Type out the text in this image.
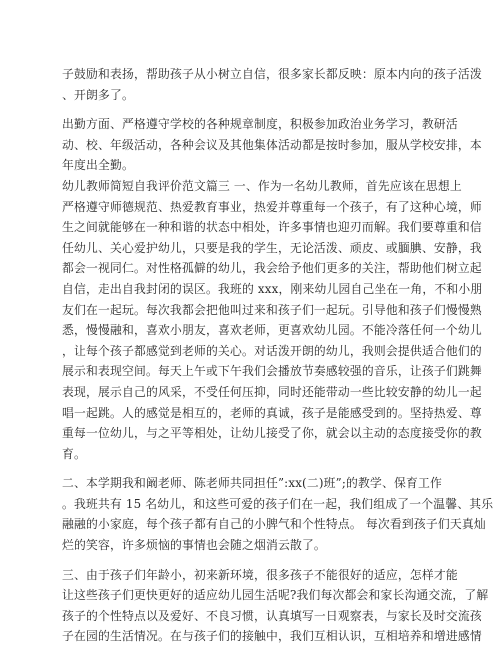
子鼓励和表扬，帮助孩子从小树立自信，很多家长都反映：原本内向的孩子活泼
、开朗多了。
出勤方面、严格遵守学校的各种规章制度，积极参加政治业务学习，教研活
动、校、年级活动，各种会议及其他集体活动都是按时参加，服从学校安排，本
年度出全勤。
幼儿教师简短自我评价范文篇三 一、作为一名幼儿教师，首先应该在思想上
严格遵守师德规范、热爱教育事业，热爱并尊重每一个孩子，有了这种心境，师
生之间就能够在一种和谐的状态中相处，许多事情也迎刃而解。我们要尊重和信
任幼儿、关心爱护幼儿，只要是我的学生，无论活泼、顽皮、或腼腆、安静，我
都会一视同仁。对性格孤僻的幼儿，我会给予他们更多的关注，帮助他们树立起
自信，走出自我封闭的误区。我班的 xxx，刚来幼儿园自己坐在一角，不和小朋
友们在一起玩。每次我都会把他叫过来和孩子们一起玩。引导他和孩子们慢慢熟
悉，慢慢融和，喜欢小朋友，喜欢老师，更喜欢幼儿园。不能冷落任何一个幼儿
，让每个孩子都感觉到老师的关心。对话泼开朗的幼儿，我则会提供适合他们的
展示和表现空间。每天上午或下午我们会播放节奏感较强的音乐，让孩子们跳舞
表现，展示自己的风采，不受任何压抑，同时还能带动一些比较安静的幼儿一起
唱一起跳。人的感觉是相互的，老师的真诚，孩子是能感受到的。坚持热爱、尊
重每一位幼儿，与之平等相处，让幼儿接受了你，就会以主动的态度接受你的教
育。
二、本学期我和阚老师、陈老师共同担任”:xx(二)班”;的教学、保育工作
。我班共有 15 名幼儿，和这些可爱的孩子们在一起，我们组成了一个温馨、其乐
融融的小家庭，每个孩子都有自己的小脾气和个性特点。 每次看到孩子们天真灿
烂的笑容，许多烦恼的事情也会随之烟消云散了。
三、由于孩子们年龄小，初来新环境，很多孩子不能很好的适应，怎样才能
让这些孩子们更快更好的适应幼儿园生活呢?我们每次都会和家长沟通交流，了解
孩子的个性特点以及爱好、不良习惯，认真填写一日观察表，与家长及时交流孩
子在园的生活情况。在与孩子们的接触中，我们互相认识，互相培养和增进感情
